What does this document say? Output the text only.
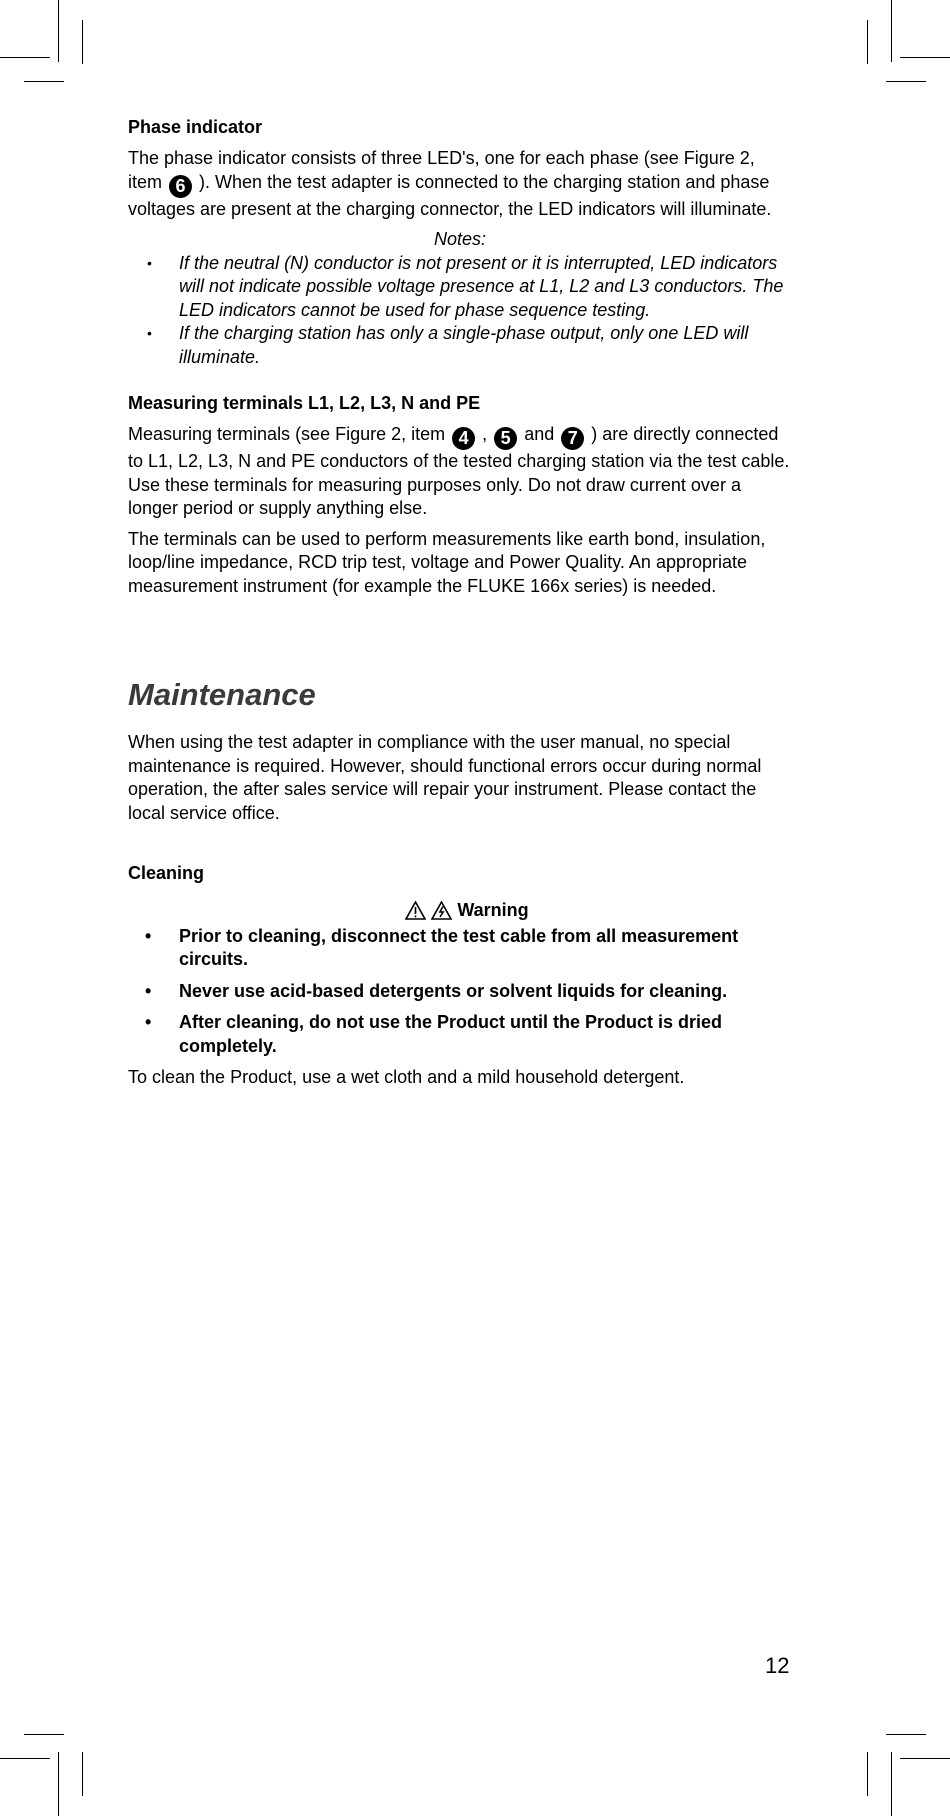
Phase indicator

The phase indicator consists of three LED's, one for each phase (see Figure 2, item 6 ). When the test adapter is connected to the charging station and phase voltages are present at the charging connector, the LED indicators will illuminate.

Notes:
• If the neutral (N) conductor is not present or it is interrupted, LED indicators will not indicate possible voltage presence at L1, L2 and L3 conductors. The LED indicators cannot be used for phase sequence testing.
• If the charging station has only a single-phase output, only one LED will illuminate.
Measuring terminals L1, L2, L3, N and PE

Measuring terminals (see Figure 2, item 4 , 5 and 7 ) are directly connected to L1, L2, L3, N and PE conductors of the tested charging station via the test cable. Use these terminals for measuring purposes only. Do not draw current over a longer period or supply anything else.

The terminals can be used to perform measurements like earth bond, insulation, loop/line impedance, RCD trip test, voltage and Power Quality. An appropriate measurement instrument (for example the FLUKE 166x series) is needed.

Maintenance

When using the test adapter in compliance with the user manual, no special maintenance is required. However, should functional errors occur during normal operation, the after sales service will repair your instrument. Please contact the local service office.

Cleaning
Warning
• Prior to cleaning, disconnect the test cable from all measurement circuits.
• Never use acid-based detergents or solvent liquids for cleaning.
• After cleaning, do not use the Product until the Product is dried completely.

To clean the Product, use a wet cloth and a mild household detergent.

12
